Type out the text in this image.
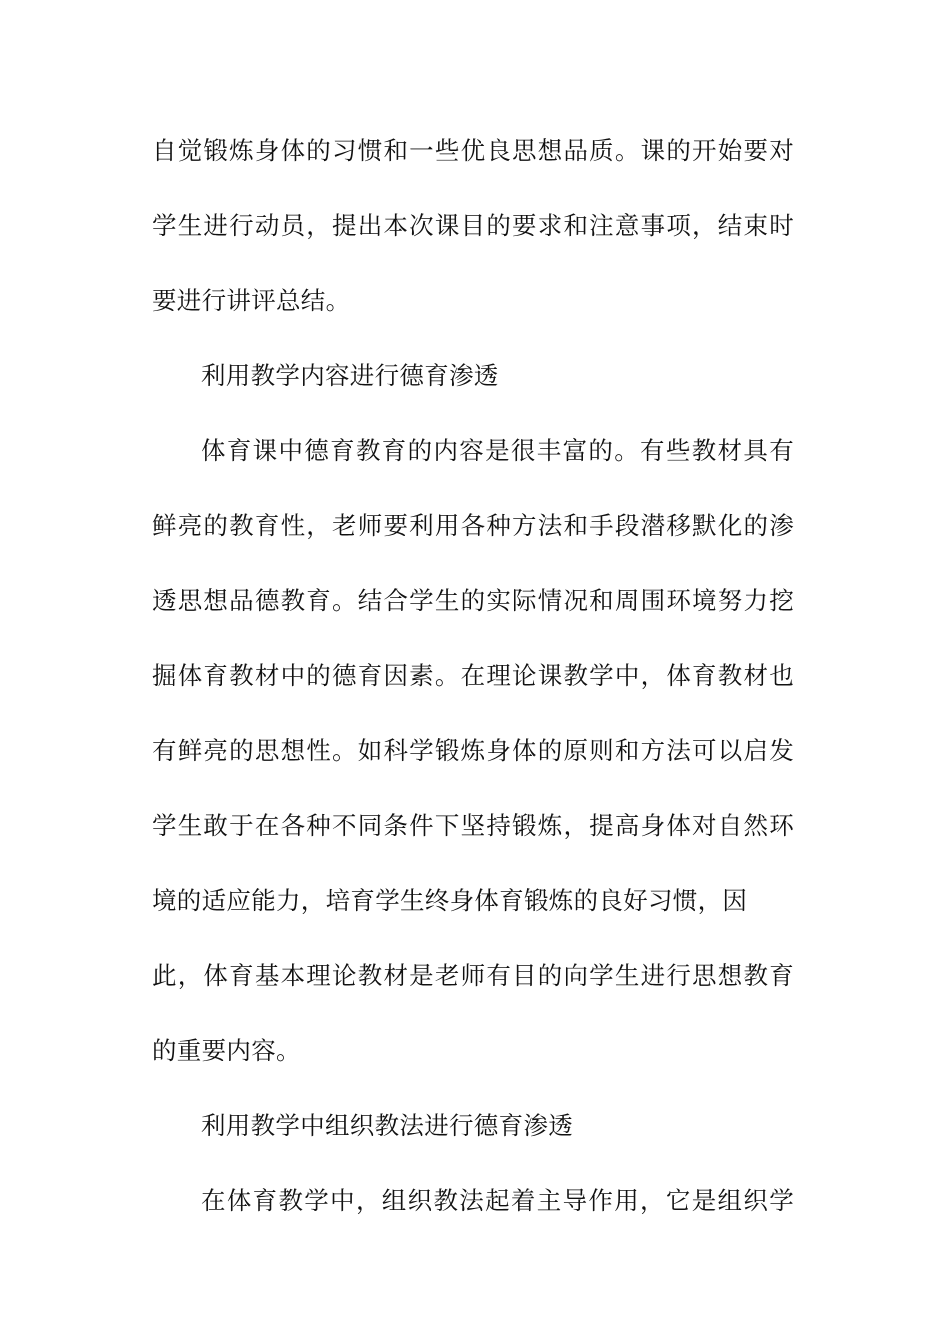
自觉锻炼身体的习惯和一些优良思想品质。课的开始要对
学生进行动员，提出本次课目的要求和注意事项，结束时
要进行讲评总结。
利用教学内容进行德育渗透
体育课中德育教育的内容是很丰富的。有些教材具有
鲜亮的教育性，老师要利用各种方法和手段潜移默化的渗
透思想品德教育。结合学生的实际情况和周围环境努力挖
掘体育教材中的德育因素。在理论课教学中，体育教材也
有鲜亮的思想性。如科学锻炼身体的原则和方法可以启发
学生敢于在各种不同条件下坚持锻炼，提高身体对自然环
境的适应能力，培育学生终身体育锻炼的良好习惯，因
此，体育基本理论教材是老师有目的向学生进行思想教育
的重要内容。
利用教学中组织教法进行德育渗透
在体育教学中，组织教法起着主导作用，它是组织学
